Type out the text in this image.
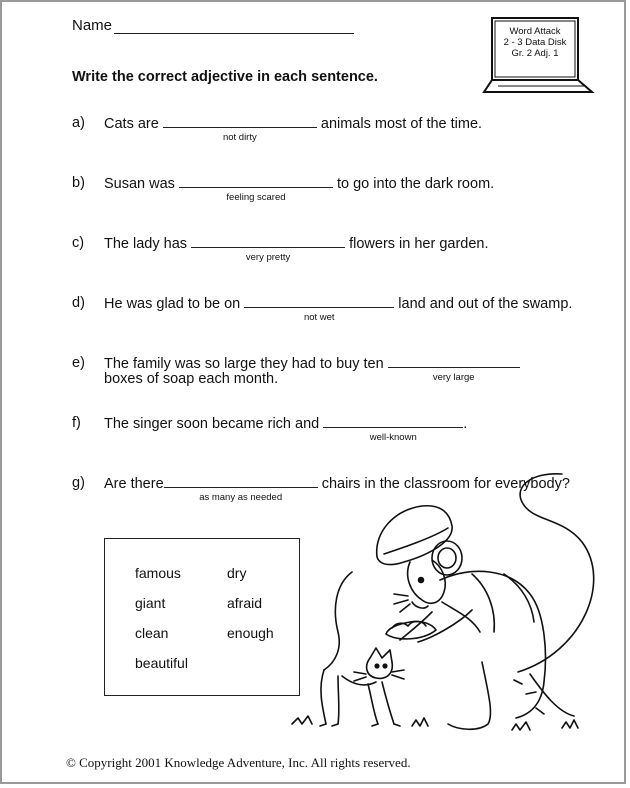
Name	Word Attack
2 - 3 Data Disk
Gr. 2 Adj. 1
Write the correct adjective in each sentence.
a) Cats are
not dirty
animals most of the time.
b) Susan was
feeling scared
to go into the dark room.
c) The lady has
very pretty
flowers in her garden.
d) He was glad to be on
not wet
land and out of the swamp.
e) The family was so large they had to buy ten
very large
boxes of soap each month.
f) The singer soon became rich and
well-known
.
g) Are there
as many as needed
chairs in the classroom for everybody?
famous	dry
giant	afraid
clean	enough
beautiful
© Copyright 2001 Knowledge Adventure, Inc. All rights reserved.
